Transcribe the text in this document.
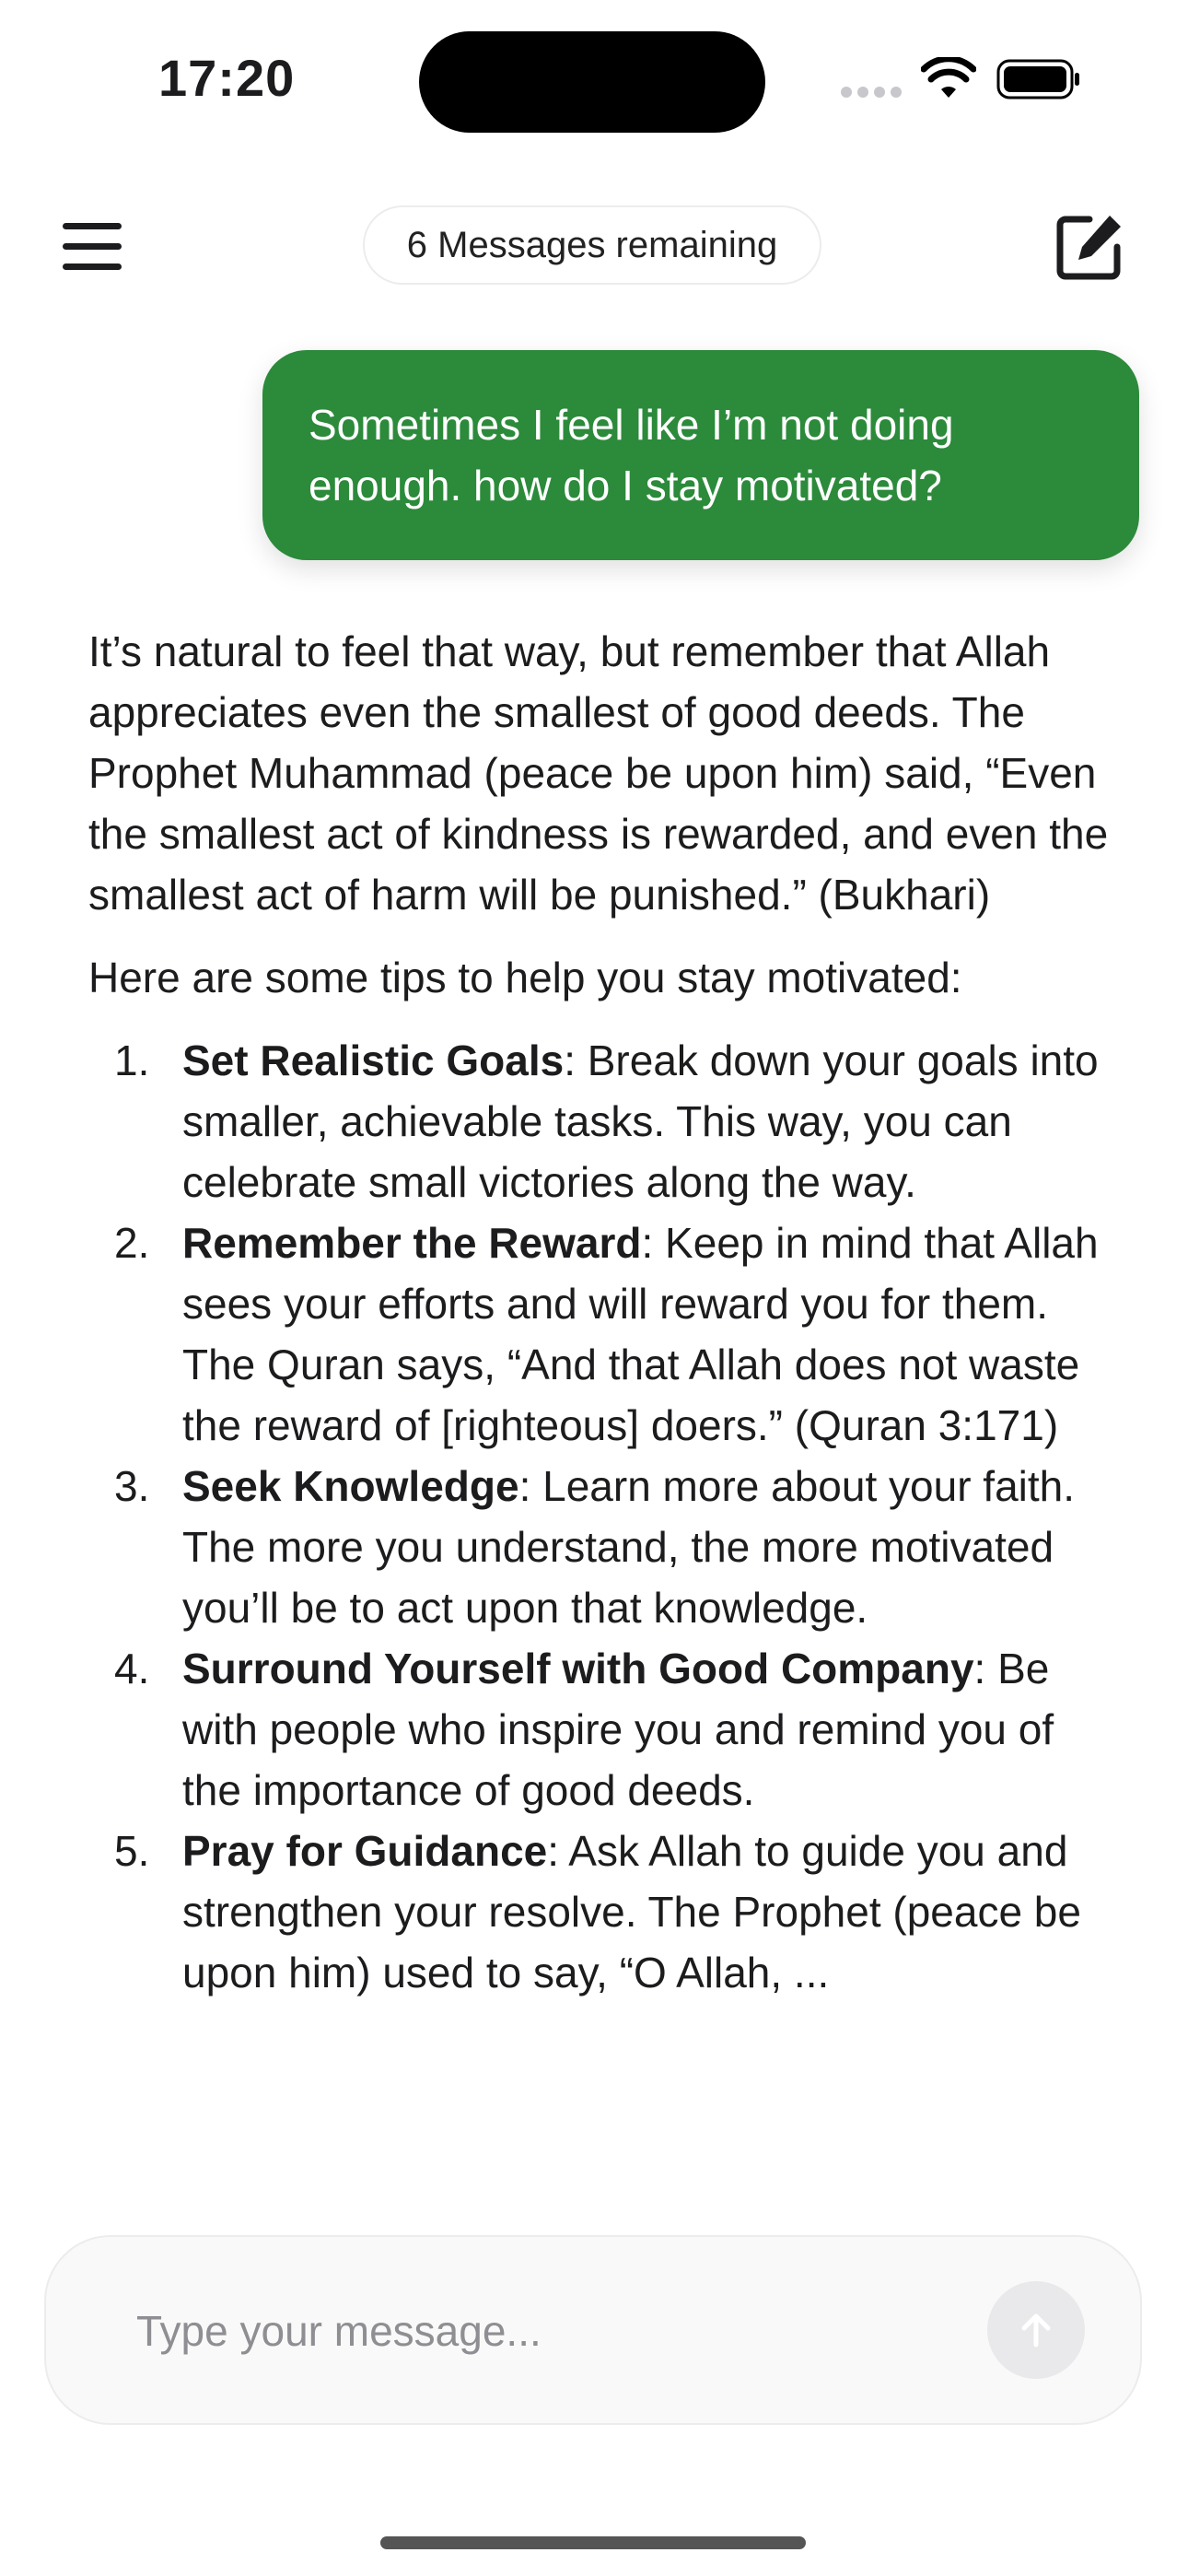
17:20
6 Messages remaining
Sometimes I feel like I’m not doing enough. how do I stay motivated?

It’s natural to feel that way, but remember that Allah appreciates even the smallest of good deeds. The Prophet Muhammad (peace be upon him) said, “Even the smallest act of kindness is rewarded, and even the smallest act of harm will be punished.” (Bukhari)

Here are some tips to help you stay motivated:

1. Set Realistic Goals: Break down your goals into smaller, achievable tasks. This way, you can celebrate small victories along the way.
2. Remember the Reward: Keep in mind that Allah sees your efforts and will reward you for them. The Quran says, “And that Allah does not waste the reward of [righteous] doers.” (Quran 3:171)
3. Seek Knowledge: Learn more about your faith. The more you understand, the more motivated you’ll be to act upon that knowledge.
4. Surround Yourself with Good Company: Be with people who inspire you and remind you of the importance of good deeds.
5. Pray for Guidance: Ask Allah to guide you and strengthen your resolve. The Prophet (peace be upon him) used to say, “O Allah, ...
Type your message...
